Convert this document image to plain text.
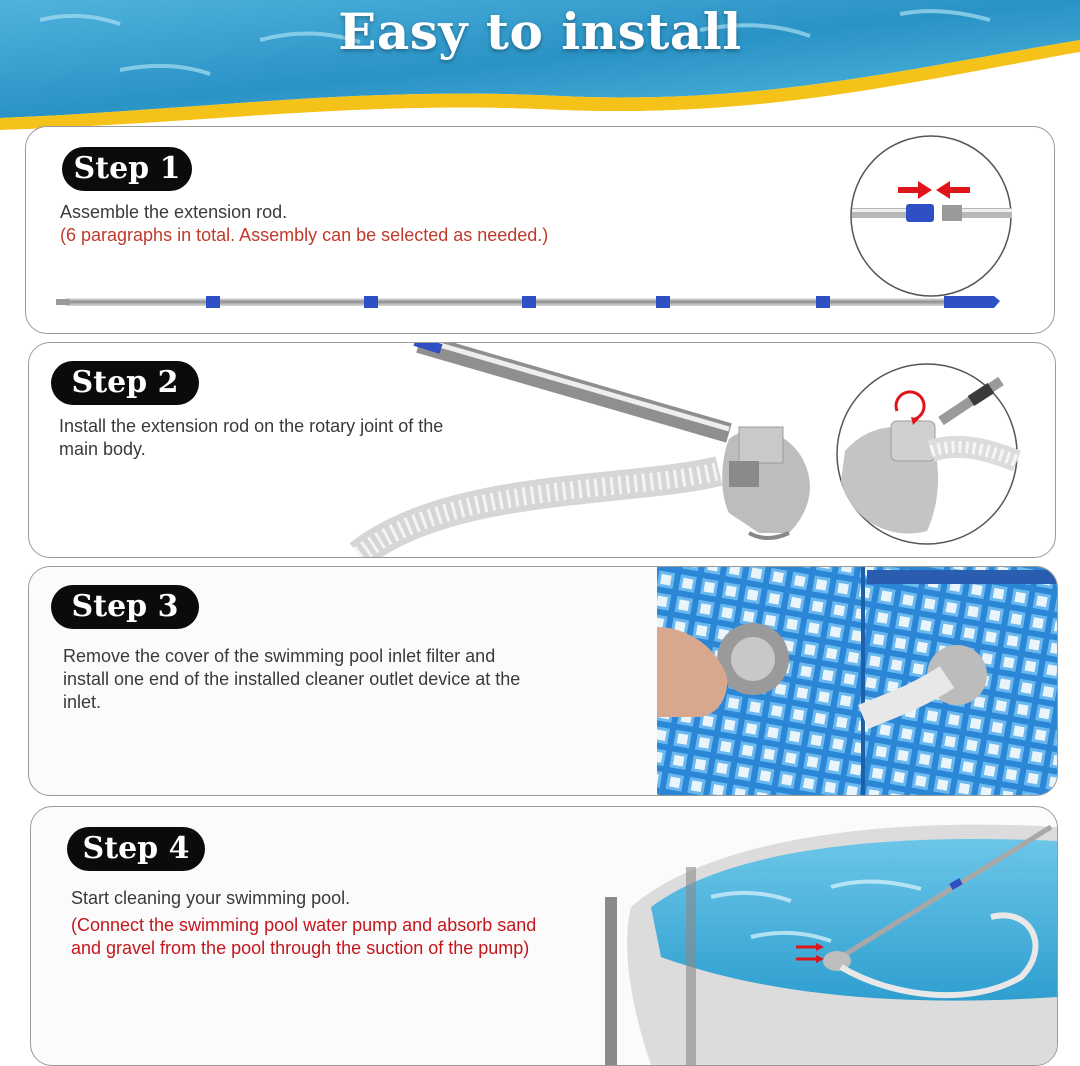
Easy to install
Step 1
Assemble the extension rod.
(6 paragraphs in total. Assembly can be selected as needed.)
Step 2
Install the extension rod on the rotary joint of the main body.
Step 3
Remove the cover of the swimming pool inlet filter and install one end of the installed cleaner outlet device at the inlet.
Step 4
Start cleaning your swimming pool.
(Connect the swimming pool water pump and absorb sand and gravel from the pool through the suction of the pump)
